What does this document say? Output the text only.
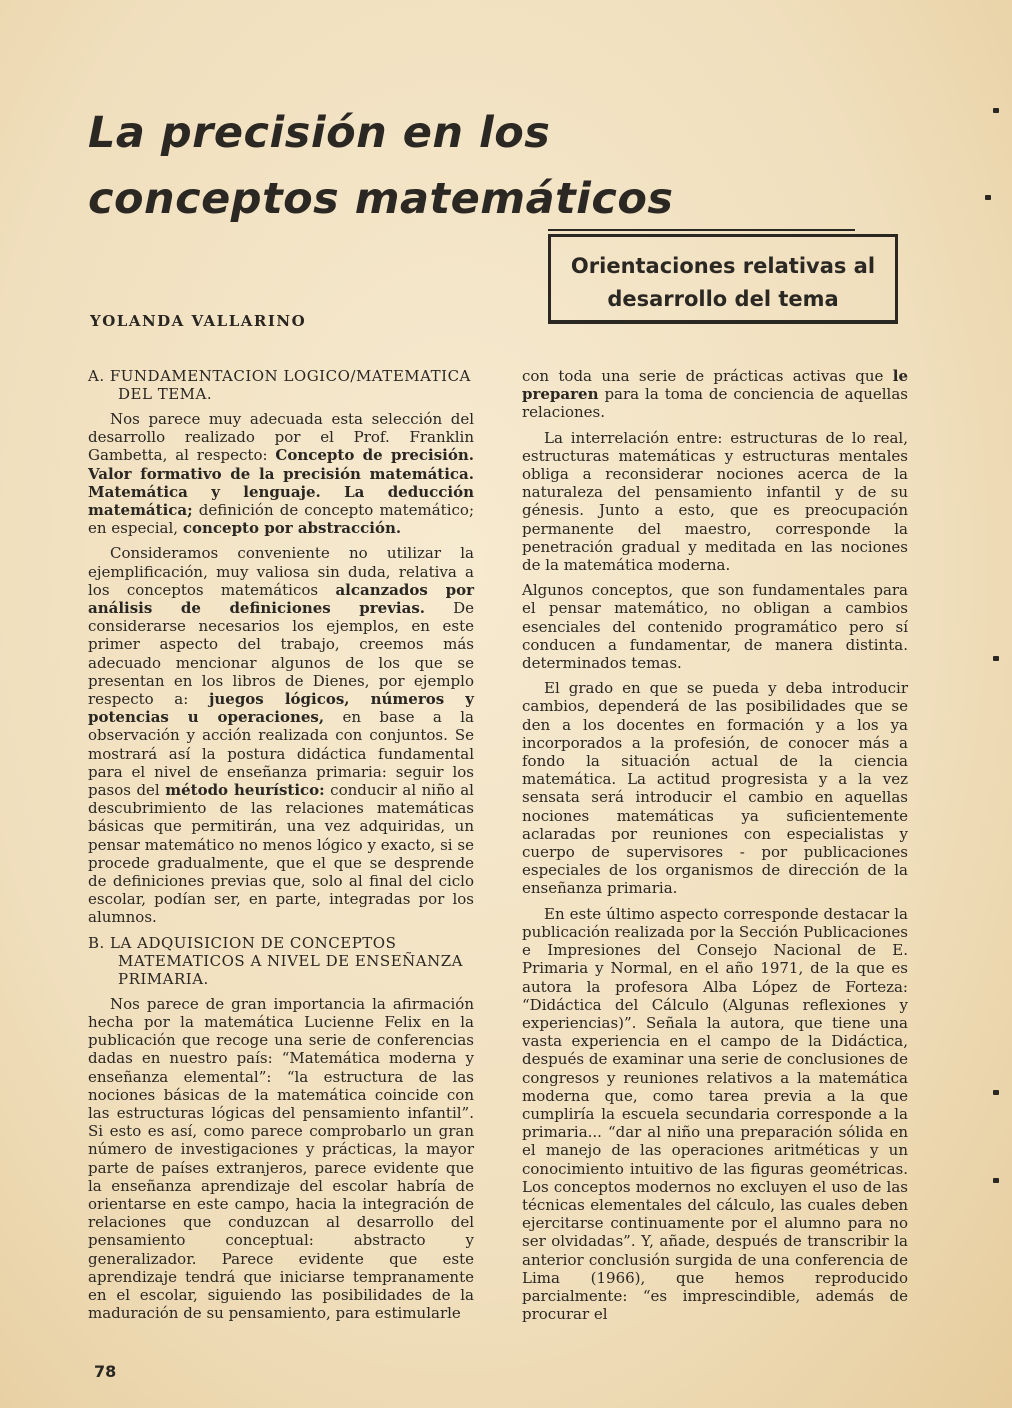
La precisión en los
conceptos matemáticos
Orientaciones relativas al
desarrollo del tema
YOLANDA VALLARINO
A. FUNDAMENTACION LOGICO/MATEMATICA DEL TEMA.

Nos parece muy adecuada esta selección del desarrollo realizado por el Prof. Franklin Gambetta, al respecto: Concepto de precisión. Valor formativo de la precisión matemática. Matemática y lenguaje. La deducción matemática; definición de concepto matemático; en especial, concepto por abstracción.

Consideramos conveniente no utilizar la ejemplificación, muy valiosa sin duda, relativa a los conceptos matemáticos alcanzados por análisis de definiciones previas. De considerarse necesarios los ejemplos, en este primer aspecto del trabajo, creemos más adecuado mencionar algunos de los que se presentan en los libros de Dienes, por ejemplo respecto a: juegos lógicos, números y potencias u operaciones, en base a la observación y acción realizada con conjuntos. Se mostrará así la postura didáctica fundamental para el nivel de enseñanza primaria: seguir los pasos del método heurístico: conducir al niño al descubrimiento de las relaciones matemáticas básicas que permitirán, una vez adquiridas, un pensar matemático no menos lógico y exacto, si se procede gradualmente, que el que se desprende de definiciones previas que, solo al final del ciclo escolar, podían ser, en parte, integradas por los alumnos.

B. LA ADQUISICION DE CONCEPTOS MATEMATICOS A NIVEL DE ENSEÑANZA PRIMARIA.

Nos parece de gran importancia la afirmación hecha por la matemática Lucienne Felix en la publicación que recoge una serie de conferencias dadas en nuestro país: “Matemática moderna y enseñanza elemental”: “la estructura de las nociones básicas de la matemática coincide con las estructuras lógicas del pensamiento infantil”. Si esto es así, como parece comprobarlo un gran número de investigaciones y prácticas, la mayor parte de países extranjeros, parece evidente que la enseñanza aprendizaje del escolar habría de orientarse en este campo, hacia la integración de relaciones que conduzcan al desarrollo del pensamiento conceptual: abstracto y generalizador. Parece evidente que este aprendizaje tendrá que iniciarse tempranamente en el escolar, siguiendo las posibilidades de la maduración de su pensamiento, para estimularle

con toda una serie de prácticas activas que le preparen para la toma de conciencia de aquellas relaciones.

La interrelación entre: estructuras de lo real, estructuras matemáticas y estructuras mentales obliga a reconsiderar nociones acerca de la naturaleza del pensamiento infantil y de su génesis. Junto a esto, que es preocupación permanente del maestro, corresponde la penetración gradual y meditada en las nociones de la matemática moderna.

Algunos conceptos, que son fundamentales para el pensar matemático, no obligan a cambios esenciales del contenido programático pero sí conducen a fundamentar, de manera distinta. determinados temas.

El grado en que se pueda y deba introducir cambios, dependerá de las posibilidades que se den a los docentes en formación y a los ya incorporados a la profesión, de conocer más a fondo la situación actual de la ciencia matemática. La actitud progresista y a la vez sensata será introducir el cambio en aquellas nociones matemáticas ya suficientemente aclaradas por reuniones con especialistas y cuerpo de supervisores - por publicaciones especiales de los organismos de dirección de la enseñanza primaria.

En este último aspecto corresponde destacar la publicación realizada por la Sección Publicaciones e Impresiones del Consejo Nacional de E. Primaria y Normal, en el año 1971, de la que es autora la profesora Alba López de Forteza: “Didáctica del Cálculo (Algunas reflexiones y experiencias)”. Señala la autora, que tiene una vasta experiencia en el campo de la Didáctica, después de examinar una serie de conclusiones de congresos y reuniones relativos a la matemática moderna que, como tarea previa a la que cumpliría la escuela secundaria corresponde a la primaria... “dar al niño una preparación sólida en el manejo de las operaciones aritméticas y un conocimiento intuitivo de las figuras geométricas. Los conceptos modernos no excluyen el uso de las técnicas elementales del cálculo, las cuales deben ejercitarse continuamente por el alumno para no ser olvidadas”. Y, añade, después de transcribir la anterior conclusión surgida de una conferencia de Lima (1966), que hemos reproducido parcialmente: “es imprescindible, además de procurar el

78
